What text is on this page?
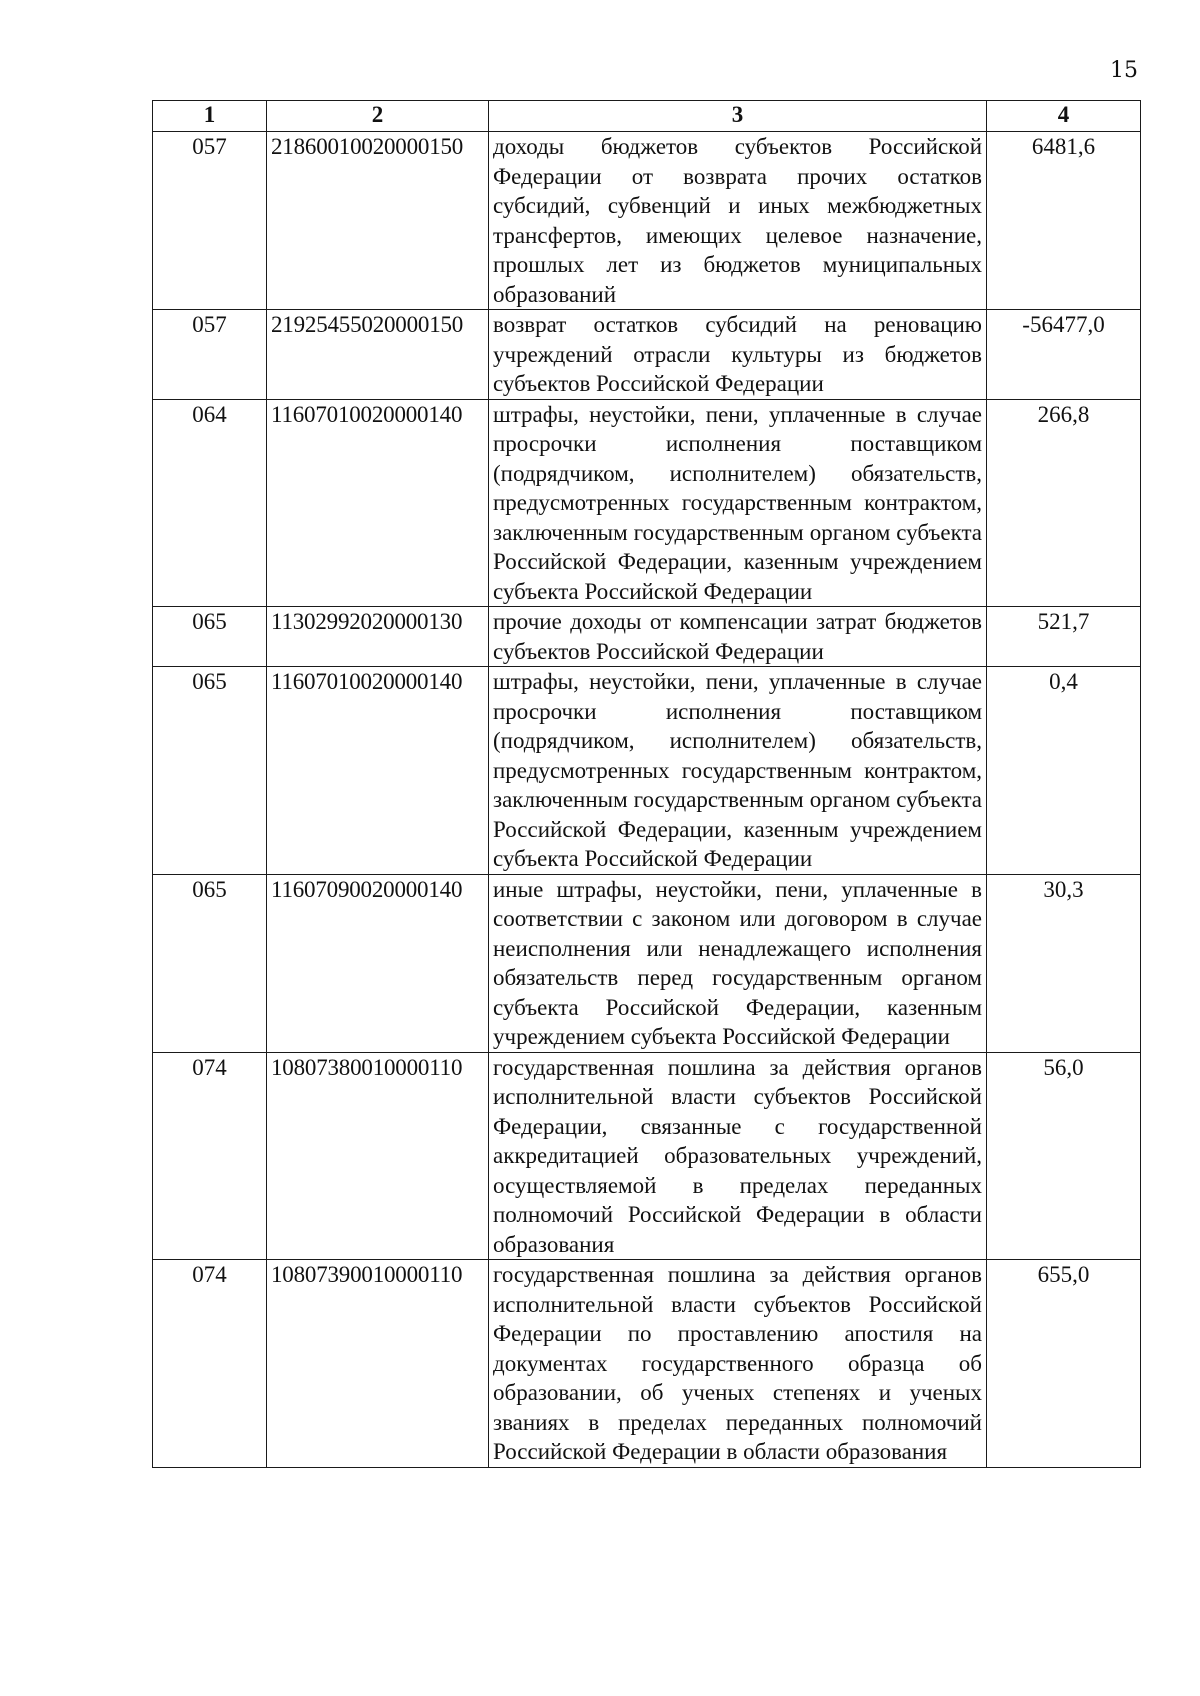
15
1	2	3	4
057	21860010020000150	доходы бюджетов субъектов Российской Федерации от возврата прочих остатков субсидий, субвенций и иных межбюджетных трансфертов, имеющих целевое назначение, прошлых лет из бюджетов муниципальных образований	6481,6
057	21925455020000150	возврат остатков субсидий на реновацию учреждений отрасли культуры из бюджетов субъектов Российской Федерации	-56477,0
064	11607010020000140	штрафы, неустойки, пени, уплаченные в случае просрочки исполнения поставщиком (подрядчиком, исполнителем) обязательств, предусмотренных государственным контрактом, заключенным государственным органом субъекта Российской Федерации, казенным учреждением субъекта Российской Федерации	266,8
065	11302992020000130	прочие доходы от компенсации затрат бюджетов субъектов Российской Федерации	521,7
065	11607010020000140	штрафы, неустойки, пени, уплаченные в случае просрочки исполнения поставщиком (подрядчиком, исполнителем) обязательств, предусмотренных государственным контрактом, заключенным государственным органом субъекта Российской Федерации, казенным учреждением субъекта Российской Федерации	0,4
065	11607090020000140	иные штрафы, неустойки, пени, уплаченные в соответствии с законом или договором в случае неисполнения или ненадлежащего исполнения обязательств перед государственным органом субъекта Российской Федерации, казенным учреждением субъекта Российской Федерации	30,3
074	10807380010000110	государственная пошлина за действия органов исполнительной власти субъектов Российской Федерации, связанные с государственной аккредитацией образовательных учреждений, осуществляемой в пределах переданных полномочий Российской Федерации в области образования	56,0
074	10807390010000110	государственная пошлина за действия органов исполнительной власти субъектов Российской Федерации по проставлению апостиля на документах государственного образца об образовании, об ученых степенях и ученых званиях в пределах переданных полномочий Российской Федерации в области образования	655,0
